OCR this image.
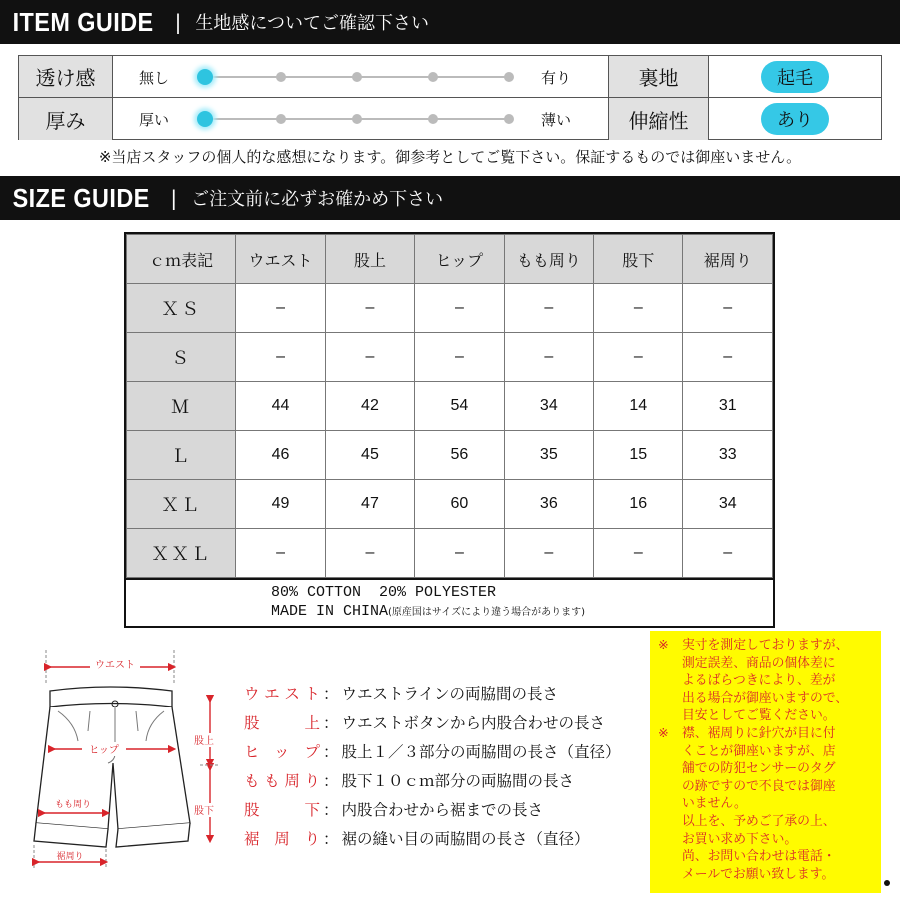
ITEM GUIDE | 生地感についてご確認下さい
透け感	無し	有り	裏地	起毛
厚み	厚い	薄い	伸縮性	あり
※当店スタッフの個人的な感想になります。御参考としてご覧下さい。保証するものでは御座いません。
SIZE GUIDE | ご注文前に必ずお確かめ下さい
ｃｍ表記	ウエスト	股上	ヒップ	もも周り	股下	裾周り
ＸＳ	–	–	–	–	–	–
Ｓ	–	–	–	–	–	–
Ｍ	44	42	54	34	14	31
Ｌ	46	45	56	35	15	33
ＸＬ	49	47	60	36	16	34
ＸＸＬ	–	–	–	–	–	–
80% COTTON  20% POLYESTER
MADE IN CHINA(原産国はサイズにより違う場合があります)
ウエスト
ヒップ
もも周り
裾周り
股上
股下
ウエスト ： ウエストラインの両脇間の長さ
股上 ： ウエストボタンから内股合わせの長さ
ヒップ ： 股上１／３部分の両脇間の長さ（直径）
もも周り ： 股下１０ｃｍ部分の両脇間の長さ
股下 ： 内股合わせから裾までの長さ
裾周り ： 裾の縫い目の両脇間の長さ（直径）
※	実寸を測定しておりますが、
測定誤差、商品の個体差に
よるばらつきにより、差が
出る場合が御座いますので、
目安としてご覧ください。
※	襟、裾周りに針穴が目に付
くことが御座いますが、店
舗での防犯センサーのタグ
の跡ですので不良では御座
いません。
以上を、予めご了承の上、
お買い求め下さい。
尚、お問い合わせは電話・
メールでお願い致します。
